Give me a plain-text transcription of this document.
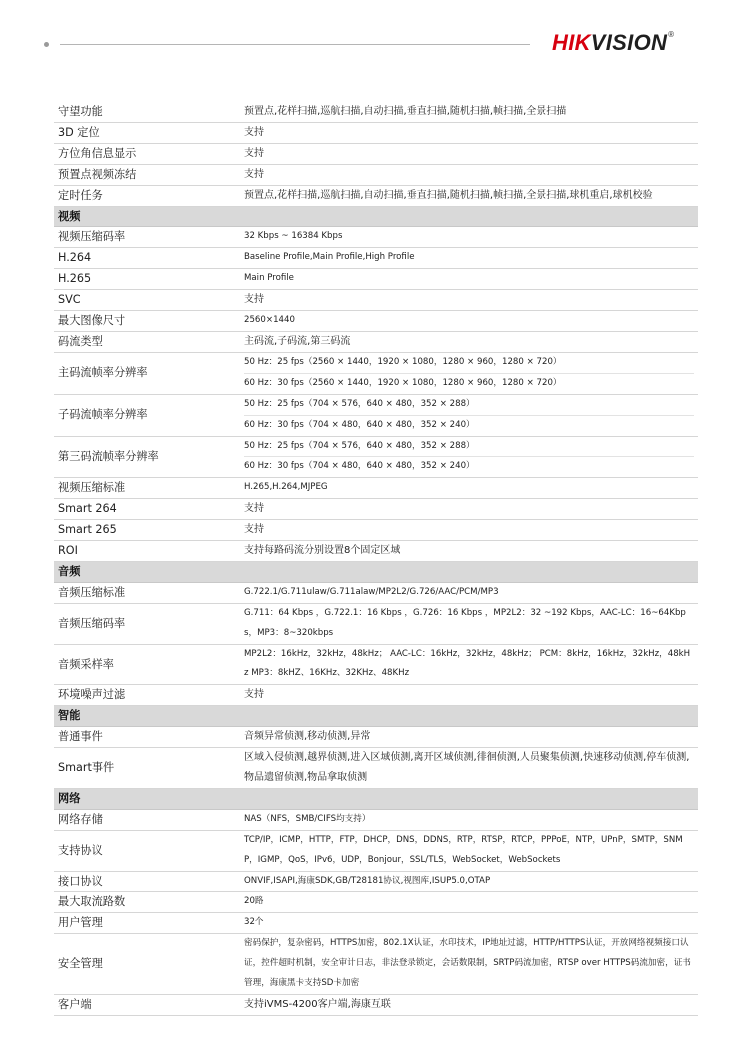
HIKVISION®
守望功能	预置点,花样扫描,巡航扫描,自动扫描,垂直扫描,随机扫描,帧扫描,全景扫描
3D 定位	支持
方位角信息显示	支持
预置点视频冻结	支持
定时任务	预置点,花样扫描,巡航扫描,自动扫描,垂直扫描,随机扫描,帧扫描,全景扫描,球机重启,球机校验
视频	
视频压缩码率	32 Kbps ~ 16384 Kbps
H.264	Baseline Profile,Main Profile,High Profile
H.265	Main Profile
SVC	支持
最大图像尺寸	2560×1440
码流类型	主码流,子码流,第三码流
主码流帧率分辨率	50 Hz：25 fps（2560 × 1440，1920 × 1080，1280 × 960，1280 × 720）
60 Hz：30 fps（2560 × 1440，1920 × 1080，1280 × 960，1280 × 720）

子码流帧率分辨率	50 Hz：25 fps（704 × 576，640 × 480，352 × 288）
60 Hz：30 fps（704 × 480，640 × 480，352 × 240）

第三码流帧率分辨率	50 Hz：25 fps（704 × 576，640 × 480，352 × 288）
60 Hz：30 fps（704 × 480，640 × 480，352 × 240）

视频压缩标准	H.265,H.264,MJPEG
Smart 264	支持
Smart 265	支持
ROI	支持每路码流分别设置8个固定区域
音频	
音频压缩标准	G.722.1/G.711ulaw/G.711alaw/MP2L2/G.726/AAC/PCM/MP3
音频压缩码率	G.711：64 Kbps ，G.722.1：16 Kbps ，G.726：16 Kbps ，MP2L2：32 ~192 Kbps，AAC-LC：16~64Kbps，MP3：8~320kbps
音频采样率	MP2L2：16kHz，32kHz，48kHz； AAC-LC：16kHz，32kHz，48kHz； PCM：8kHz，16kHz，32kHz，48kHz MP3：8kHZ、16KHz、32KHz、48KHz
环境噪声过滤	支持
智能	
普通事件	音频异常侦测,移动侦测,异常
Smart事件	区域入侵侦测,越界侦测,进入区域侦测,离开区域侦测,徘徊侦测,人员聚集侦测,快速移动侦测,停车侦测,物品遗留侦测,物品拿取侦测
网络	
网络存储	NAS（NFS，SMB/CIFS均支持）
支持协议	TCP/IP，ICMP，HTTP，FTP，DHCP，DNS，DDNS，RTP，RTSP，RTCP，PPPoE，NTP，UPnP，SMTP，SNMP，IGMP，QoS，IPv6，UDP，Bonjour，SSL/TLS，WebSocket，WebSockets
接口协议	ONVIF,ISAPI,海康SDK,GB/T28181协议,视图库,ISUP5.0,OTAP
最大取流路数	20路
用户管理	32个
安全管理	密码保护，复杂密码，HTTPS加密，802.1X认证，水印技术，IP地址过滤，HTTP/HTTPS认证，开放网络视频接口认证，控件超时机制，安全审计日志，非法登录锁定，会话数限制，SRTP码流加密，RTSP over HTTPS码流加密，证书管理，海康黑卡支持SD卡加密
客户端	支持iVMS-4200客户端,海康互联
